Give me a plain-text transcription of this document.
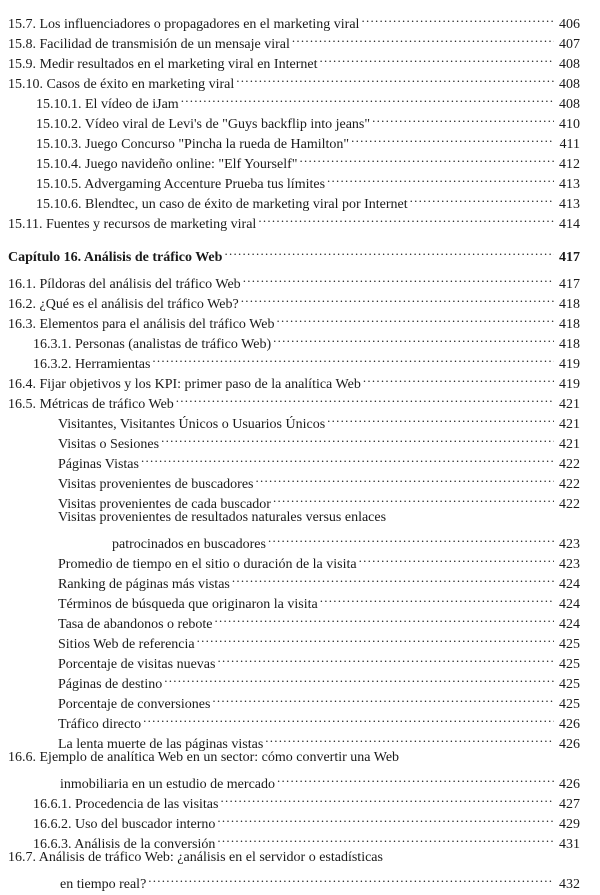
15.7. Los influenciadores o propagadores en el marketing viral . . .	406
15.8. Facilidad de transmisión de un mensaje viral . . .	407
15.9. Medir resultados en el marketing viral en Internet . . .	408
15.10. Casos de éxito en marketing viral . . .	408
15.10.1. El vídeo de iJam . . .	408
15.10.2. Vídeo viral de Levi's de "Guys backflip into jeans" . . .	410
15.10.3. Juego Concurso "Pincha la rueda de Hamilton" . . .	411
15.10.4. Juego navideño online: "Elf Yourself" . . .	412
15.10.5. Advergaming Accenture Prueba tus límites . . .	413
15.10.6. Blendtec, un caso de éxito de marketing viral por Internet . . .	413
15.11. Fuentes y recursos de marketing viral . . .	414
Capítulo 16. Análisis de tráfico Web . . .	417
16.1. Píldoras del análisis del tráfico Web . . .	417
16.2. ¿Qué es el análisis del tráfico Web? . . .	418
16.3. Elementos para el análisis del tráfico Web . . .	418
16.3.1. Personas (analistas de tráfico Web) . . .	418
16.3.2. Herramientas . . .	419
16.4. Fijar objetivos y los KPI: primer paso de la analítica Web . . .	419
16.5. Métricas de tráfico Web . . .	421
Visitantes, Visitantes Únicos o Usuarios Únicos . . .	421
Visitas o Sesiones . . .	421
Páginas Vistas . . .	422
Visitas provenientes de buscadores . . .	422
Visitas provenientes de cada buscador . . .	422
Visitas provenientes de resultados naturales versus enlaces
patrocinados en buscadores . . .	423
Promedio de tiempo en el sitio o duración de la visita . . .	423
Ranking de páginas más vistas . . .	424
Términos de búsqueda que originaron la visita . . .	424
Tasa de abandonos o rebote . . .	424
Sitios Web de referencia . . .	425
Porcentaje de visitas nuevas . . .	425
Páginas de destino . . .	425
Porcentaje de conversiones . . .	425
Tráfico directo . . .	426
La lenta muerte de las páginas vistas . . .	426
16.6. Ejemplo de analítica Web en un sector: cómo convertir una Web
inmobiliaria en un estudio de mercado . . .	426
16.6.1. Procedencia de las visitas . . .	427
16.6.2. Uso del buscador interno . . .	429
16.6.3. Análisis de la conversión . . .	431
16.7. Análisis de tráfico Web: ¿análisis en el servidor o estadísticas
en tiempo real? . . .	432
